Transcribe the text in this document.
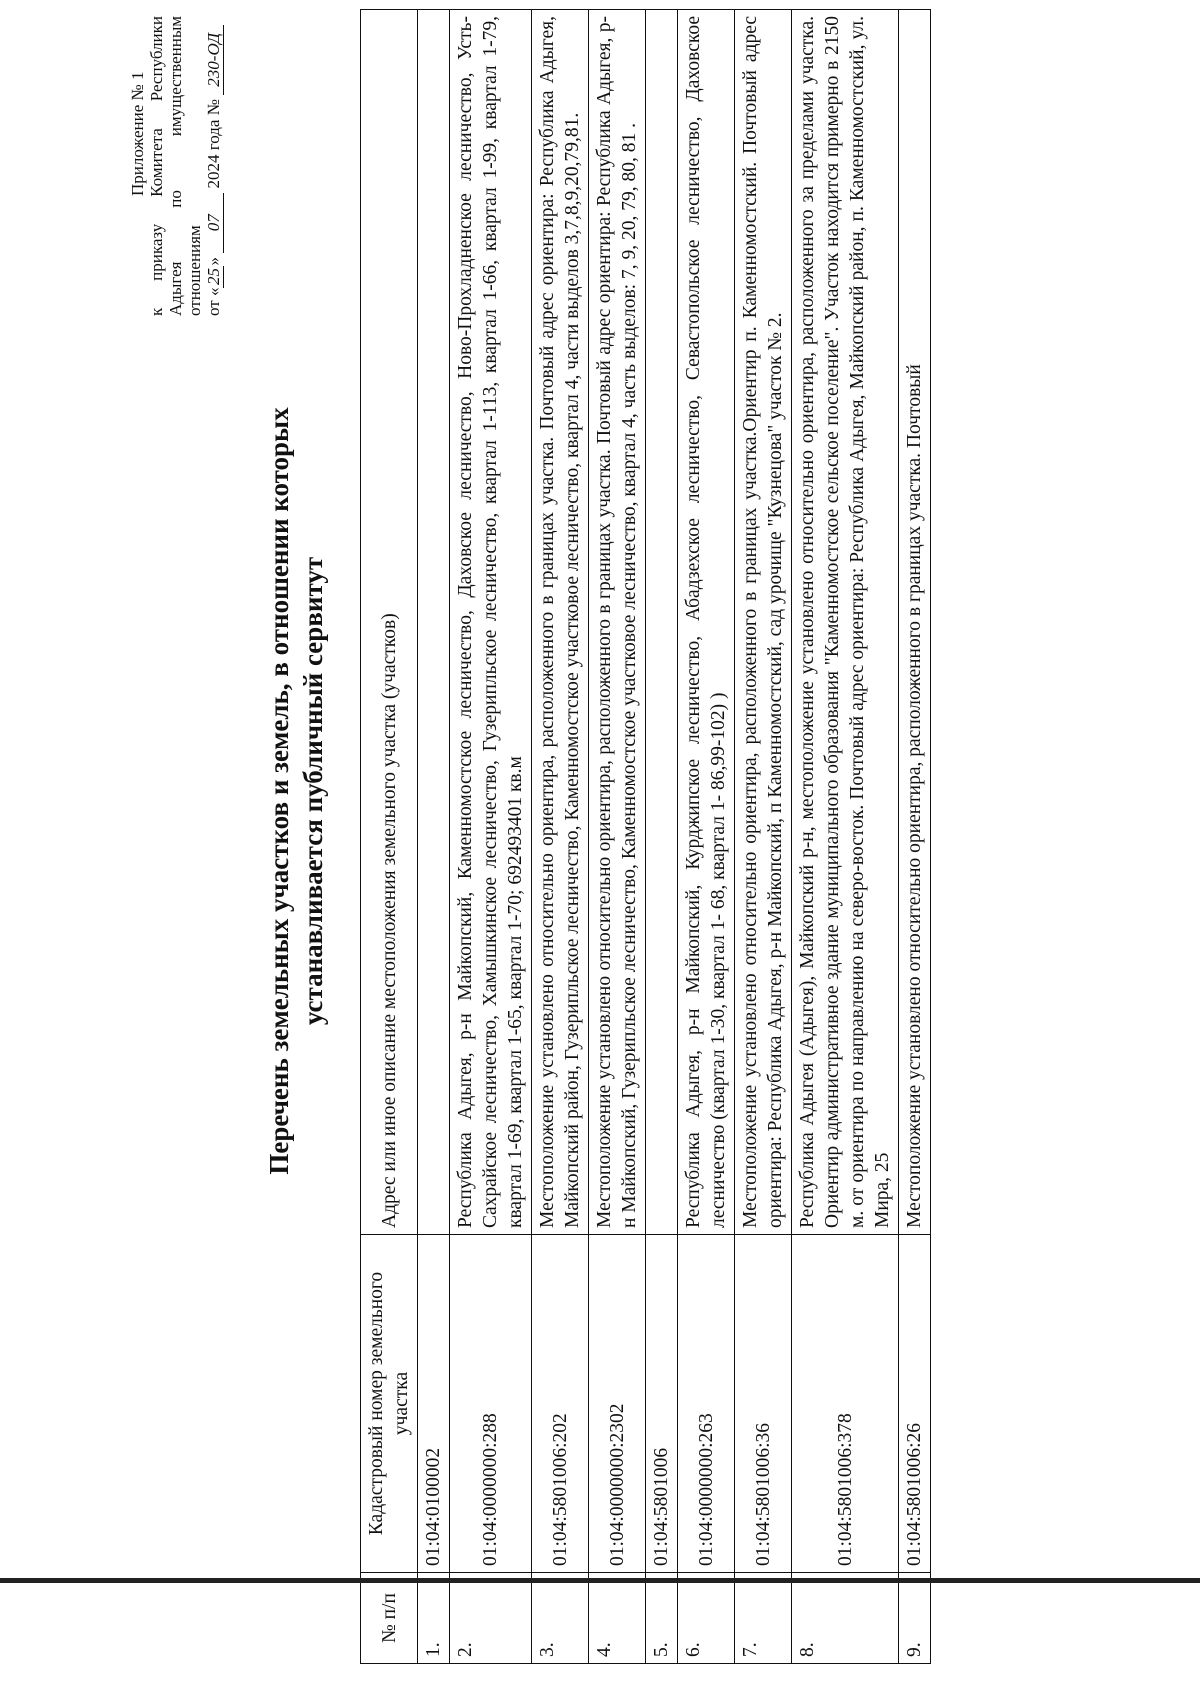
Приложение № 1
к приказу Комитета Республики
Адыгея по имущественным
отношениям от «25» 07 2024 года № 230-ОД
Перечень земельных участков и земель, в отношении которых устанавливается публичный сервитут
№ п/п	Кадастровый номер земельного участка	Адрес или иное описание местоположения земельного участка (участков)
1.	01:04:0100002	
2.	01:04:0000000:288	Республика Адыгея, р-н Майкопский, Каменномостское лесничество, Даховское лесничество, Ново-Прохладненское лесничество, Усть-Сахрайское лесничество, Хамышкинское лесничество, Гузерипльское лесничество, квартал 1-113, квартал 1-66, квартал 1-99, квартал 1-79, квартал 1-69, квартал 1-65, квартал 1-70; 692493401 кв.м
3.	01:04:5801006:202	Местоположение установлено относительно ориентира, расположенного в границах участка. Почтовый адрес ориентира: Республика Адыгея, Майкопский район, Гузерипльское лесничество, Каменномостское участковое лесничество, квартал 4, части выделов 3,7,8,9,20,79,81.
4.	01:04:0000000:2302	Местоположение установлено относительно ориентира, расположенного в границах участка. Почтовый адрес ориентира: Республика Адыгея, р-н Майкопский, Гузерипльское лесничество, Каменномостское участковое лесничество, квартал 4, часть выделов: 7, 9, 20, 79, 80, 81 .
5.	01:04:5801006	
6.	01:04:0000000:263	Республика Адыгея, р-н Майкопский, Курджипское лесничество, Абадзехское лесничество, Севастопольское лесничество, Даховское лесничество (квартал 1-30, квартал 1- 68, квартал 1- 86,99-102) )
7.	01:04:5801006:36	Местоположение установлено относительно ориентира, расположенного в границах участка.Ориентир п. Каменномостский. Почтовый адрес ориентира: Республика Адыгея, р-н Майкопский, п Каменномостский, сад урочище "Кузнецова" участок № 2.
8.	01:04:5801006:378	Республика Адыгея (Адыгея), Майкопский р-н, местоположение установлено относительно ориентира, расположенного за пределами участка. Ориентир административное здание муниципального образования "Каменномостское сельское поселение". Участок находится примерно в 2150 м. от ориентира по направлению на северо-восток. Почтовый адрес ориентира: Республика Адыгея, Майкопский район, п. Каменномостский, ул. Мира, 25
9.	01:04:5801006:26	Местоположение установлено относительно ориентира, расположенного в границах участка. Почтовый
